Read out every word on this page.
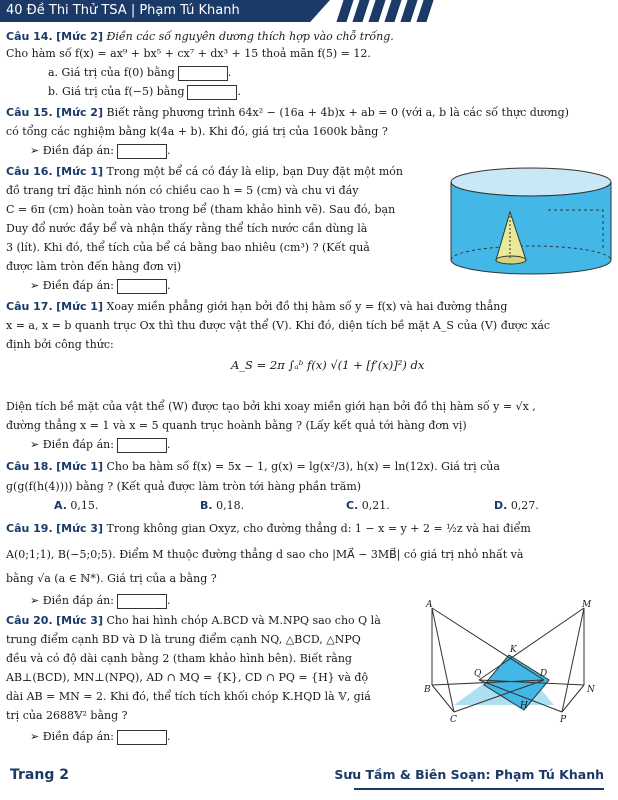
40 Đề Thi Thử TSA | Phạm Tú Khanh
Câu 14. [Mức 2] Điền các số nguyên dương thích hợp vào chỗ trống.
Cho hàm số f(x) = ax⁹ + bx⁵ + cx⁷ + dx³ + 15 thoả mãn f(5) = 12.
a. Giá trị của f(0) bằng	.
b. Giá trị của f(−5) bằng	.
Câu 15. [Mức 2] Biết rằng phương trình 64x² − (16a + 4b)x + ab = 0 (với a, b là các số thực dương)
có tổng các nghiệm bằng k(4a + b). Khi đó, giá trị của 1600k bằng ?
➢ Điền đáp án:	.
Câu 16. [Mức 1] Trong một bể cá có đáy là elip, bạn Duy đặt một món
đồ trang trí đặc hình nón có chiều cao h = 5 (cm) và chu vi đáy
C = 6π (cm) hoàn toàn vào trong bể (tham khảo hình vẽ). Sau đó, bạn
Duy đổ nước đầy bể và nhận thấy rằng thể tích nước cần dùng là
3 (lít). Khi đó, thể tích của bể cá bằng bao nhiêu (cm³) ? (Kết quả
được làm tròn đến hàng đơn vị)
➢ Điền đáp án:	.
Câu 17. [Mức 1] Xoay miền phẳng giới hạn bởi đồ thị hàm số y = f(x) và hai đường thẳng
x = a, x = b quanh trục Ox thì thu được vật thể (V). Khi đó, diện tích bề mặt A_S của (V) được xác
định bởi công thức:
A_S = 2π ∫ₐᵇ f(x) √(1 + [f′(x)]²) dx
Diện tích bề mặt của vật thể (W) được tạo bởi khi xoay miền giới hạn bởi đồ thị hàm số y = √x ,
đường thẳng x = 1 và x = 5 quanh trục hoành bằng ? (Lấy kết quả tới hàng đơn vị)
➢ Điền đáp án:	.
Câu 18. [Mức 1] Cho ba hàm số f(x) = 5x − 1, g(x) = lg(x²/3), h(x) = ln(12x). Giá trị của
g(g(f(h(4)))) bằng ? (Kết quả được làm tròn tới hàng phần trăm)
A. 0,15.	B. 0,18.	C. 0,21.	D. 0,27.
Câu 19. [Mức 3] Trong không gian Oxyz, cho đường thẳng d: 1 − x = y + 2 = ½z và hai điểm
A(0;1;1), B(−5;0;5). Điểm M thuộc đường thẳng d sao cho |MA⃗ − 3MB⃗| có giá trị nhỏ nhất và
bằng √a (a ∈ ℕ*). Giá trị của a bằng ?
➢ Điền đáp án:	.
Câu 20. [Mức 3] Cho hai hình chóp A.BCD và M.NPQ sao cho Q là
trung điểm cạnh BD và D là trung điểm cạnh NQ, △BCD, △NPQ
đều và có độ dài cạnh bằng 2 (tham khảo hình bên). Biết rằng
AB⊥(BCD), MN⊥(NPQ), AD ∩ MQ = {K}, CD ∩ PQ = {H} và độ
dài AB = MN = 2. Khi đó, thể tích tích khối chóp K.HQD là 𝕍, giá
trị của 2688𝕍² bằng ?
➢ Điền đáp án:	.
A	M
K
B
Q	D
N
H
C	P
Trang 2	Sưu Tầm & Biên Soạn: Phạm Tú Khanh
